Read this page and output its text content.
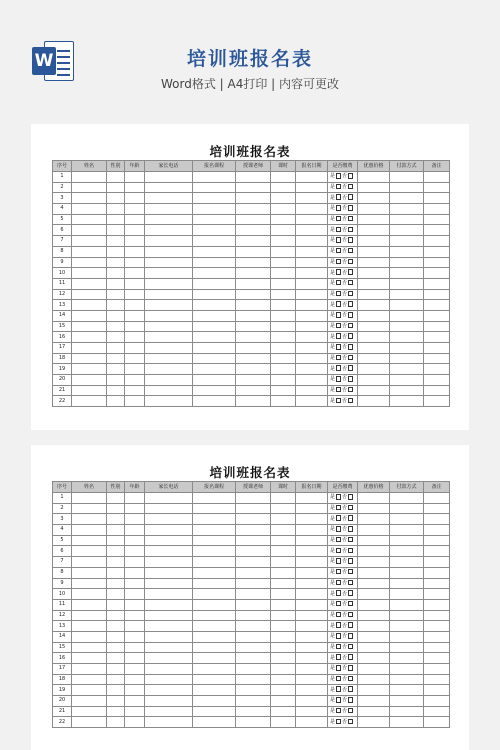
W	培训班报名表
Word格式 | A4打印 | 内容可更改
培训班报名表
序号	姓名	性别	年龄	家长电话	报名课程	授课老师	课时	报名日期	是否缴费	优惠价格	付款方式	备注
1									是 否			
2									是 否			
3									是 否			
4									是 否			
5									是 否			
6									是 否			
7									是 否			
8									是 否			
9									是 否			
10									是 否			
11									是 否			
12									是 否			
13									是 否			
14									是 否			
15									是 否			
16									是 否			
17									是 否			
18									是 否			
19									是 否			
20									是 否			
21									是 否			
22									是 否			
培训班报名表
序号	姓名	性别	年龄	家长电话	报名课程	授课老师	课时	报名日期	是否缴费	优惠价格	付款方式	备注
1									是 否			
2									是 否			
3									是 否			
4									是 否			
5									是 否			
6									是 否			
7									是 否			
8									是 否			
9									是 否			
10									是 否			
11									是 否			
12									是 否			
13									是 否			
14									是 否			
15									是 否			
16									是 否			
17									是 否			
18									是 否			
19									是 否			
20									是 否			
21									是 否			
22									是 否			
